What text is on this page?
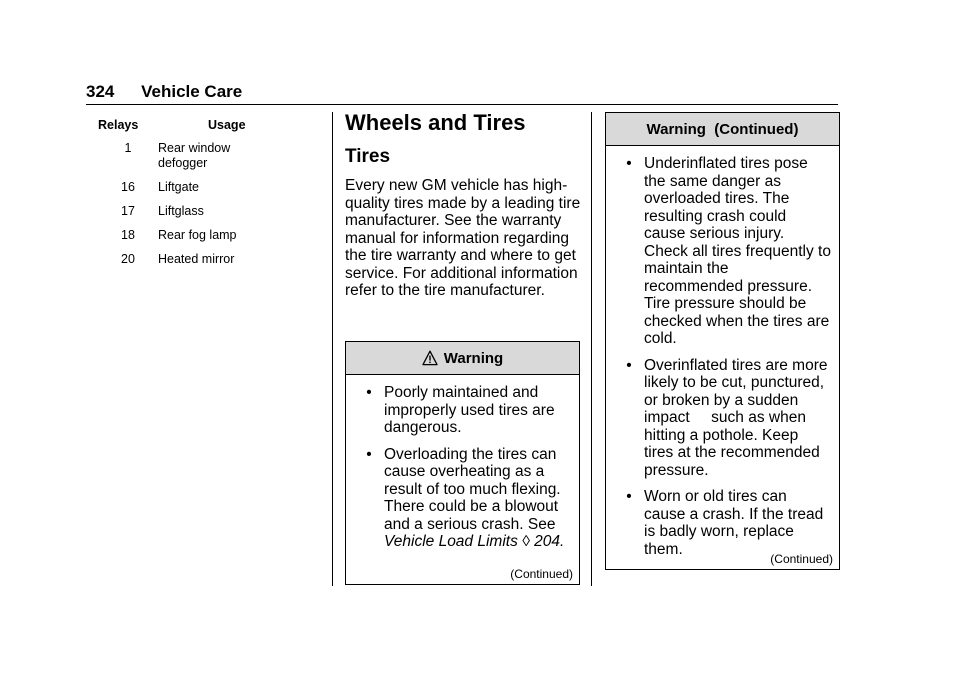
324 Vehicle Care
Relays	Usage
1	Rear window defogger
16	Liftgate
17	Liftglass
18	Rear fog lamp
20	Heated mirror
Wheels and Tires
Tires

Every new GM vehicle has high-quality tires made by a leading tire manufacturer. See the warranty manual for information regarding the tire warranty and where to get service. For additional information refer to the tire manufacturer.

Warning
• Poorly maintained and improperly used tires are dangerous.
• Overloading the tires can cause overheating as a result of too much flexing. There could be a blowout and a serious crash. See Vehicle Load Limits ◊ 204.
(Continued)
Warning  (Continued)
• Underinflated tires pose the same danger as overloaded tires. The resulting crash could cause serious injury. Check all tires frequently to maintain the recommended pressure. Tire pressure should be checked when the tires are cold.
• Overinflated tires are more likely to be cut, punctured, or broken by a sudden impact     such as when hitting a pothole. Keep tires at the recommended pressure.
• Worn or old tires can cause a crash. If the tread is badly worn, replace them.
(Continued)
